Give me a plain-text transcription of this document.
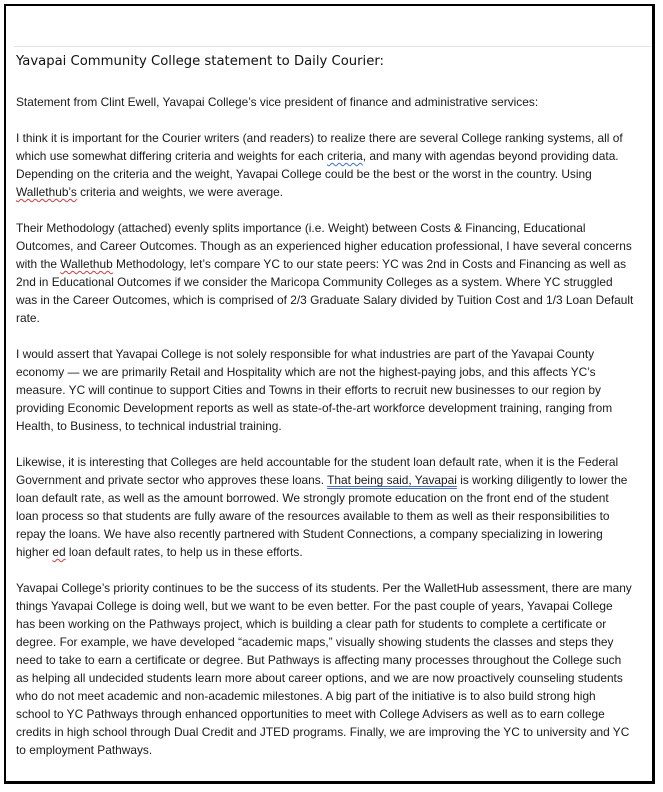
Yavapai Community College statement to Daily Courier:

Statement from Clint Ewell, Yavapai College’s vice president of finance and administrative services:

I think it is important for the Courier writers (and readers) to realize there are several College ranking systems, all of
which use somewhat differing criteria and weights for each criteria, and many with agendas beyond providing data.
Depending on the criteria and the weight, Yavapai College could be the best or the worst in the country. Using
Wallethub’s criteria and weights, we were average.

Their Methodology (attached) evenly splits importance (i.e. Weight) between Costs & Financing, Educational
Outcomes, and Career Outcomes. Though as an experienced higher education professional, I have several concerns
with the Wallethub Methodology, let’s compare YC to our state peers: YC was 2nd in Costs and Financing as well as
2nd in Educational Outcomes if we consider the Maricopa Community Colleges as a system. Where YC struggled
was in the Career Outcomes, which is comprised of 2/3 Graduate Salary divided by Tuition Cost and 1/3 Loan Default
rate.

I would assert that Yavapai College is not solely responsible for what industries are part of the Yavapai County
economy — we are primarily Retail and Hospitality which are not the highest-paying jobs, and this affects YC’s
measure. YC will continue to support Cities and Towns in their efforts to recruit new businesses to our region by
providing Economic Development reports as well as state-of-the-art workforce development training, ranging from
Health, to Business, to technical industrial training.

Likewise, it is interesting that Colleges are held accountable for the student loan default rate, when it is the Federal
Government and private sector who approves these loans. That being said, Yavapai is working diligently to lower the
loan default rate, as well as the amount borrowed. We strongly promote education on the front end of the student
loan process so that students are fully aware of the resources available to them as well as their responsibilities to
repay the loans. We have also recently partnered with Student Connections, a company specializing in lowering
higher ed loan default rates, to help us in these efforts.

Yavapai College’s priority continues to be the success of its students. Per the WalletHub assessment, there are many
things Yavapai College is doing well, but we want to be even better. For the past couple of years, Yavapai College
has been working on the Pathways project, which is building a clear path for students to complete a certificate or
degree. For example, we have developed “academic maps,” visually showing students the classes and steps they
need to take to earn a certificate or degree. But Pathways is affecting many processes throughout the College such
as helping all undecided students learn more about career options, and we are now proactively counseling students
who do not meet academic and non-academic milestones. A big part of the initiative is to also build strong high
school to YC Pathways through enhanced opportunities to meet with College Advisers as well as to earn college
credits in high school through Dual Credit and JTED programs. Finally, we are improving the YC to university and YC
to employment Pathways.
